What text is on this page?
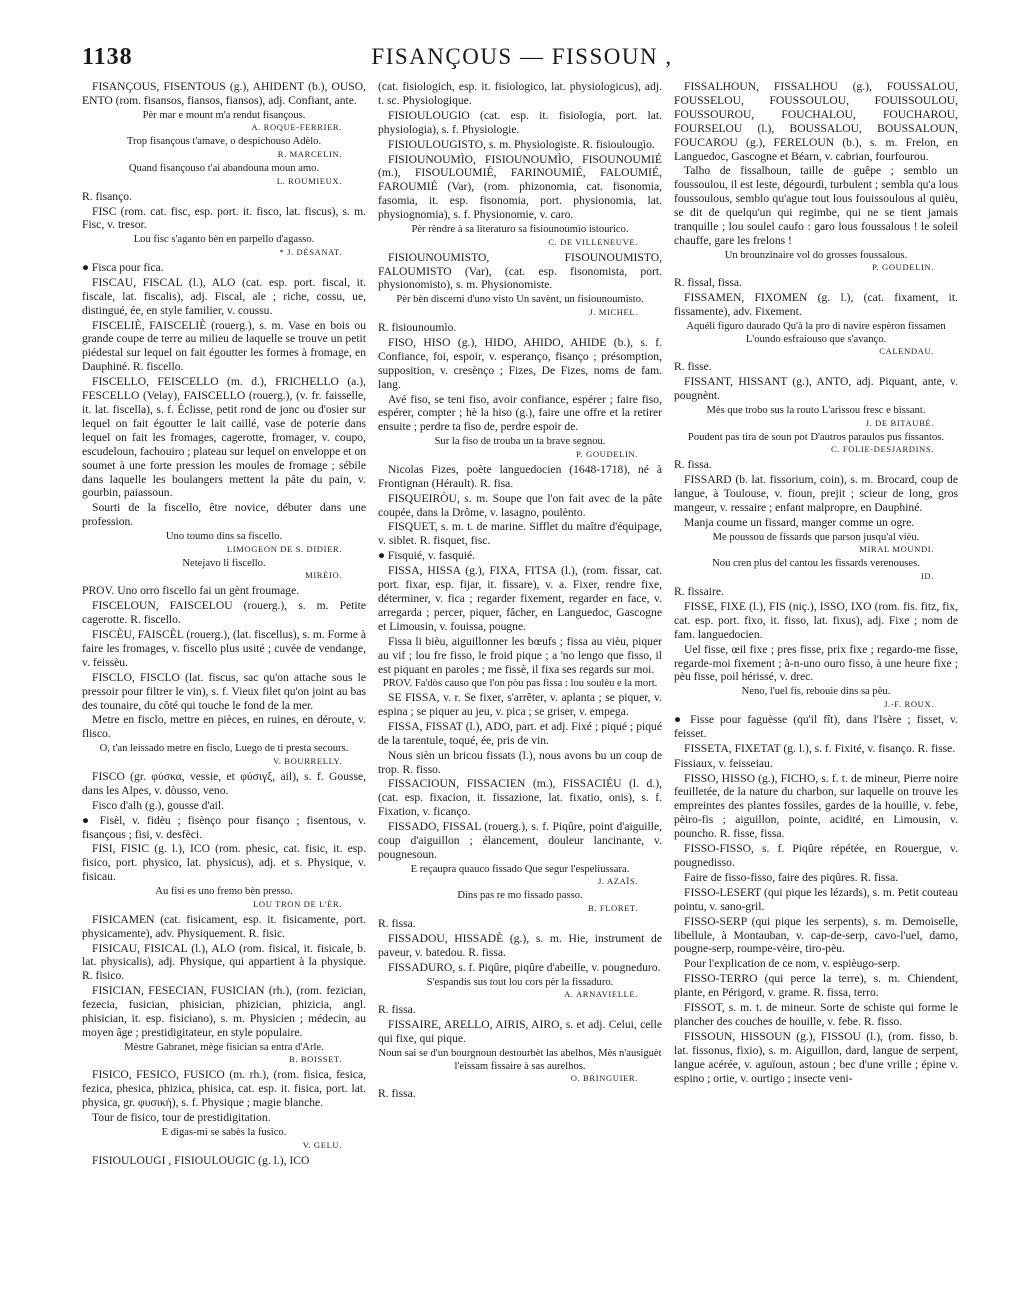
1138	FISANÇOUS — FISSOUN ,

FISANÇOUS, FISENTOUS (g.), AHIDENT (b.), OUSO, ENTO (rom. fisansos, fiansos, fiansos), adj. Confiant, ante.

Pèr mar e mount m'a rendut fisançous.

A. ROQUE-FERRIER.

Trop fisançous t'amave, o despichouso Adèlo.

R. MARCELIN.

Quand fisançouso t'ai abandouna moun amo.

L. ROUMIEUX.

R. fisanço.

FISC (rom. cat. fisc, esp. port. it. fisco, lat. fiscus), s. m. Fisc, v. tresor.

Lou fisc s'aganto bèn en parpello d'agasso.

* J. DÉSANAT.

● Fisca pour fica.

FISCAU, FISCAL (l.), ALO (cat. esp. port. fiscal, it. fiscale, lat. fiscalis), adj. Fiscal, ale ; riche, cossu, ue, distingué, ée, en style familier, v. coussu.

FISCELIÈ, FAISCELIÈ (rouerg.), s. m. Vase en bois ou grande coupe de terre au milieu de laquelle se trouve un petit piédestal sur lequel on fait égoutter les formes à fromage, en Dauphiné. R. fiscello.

FISCELLO, FEISCELLO (m. d.), FRICHELLO (a.), FESCELLO (Velay), FAISCELLO (rouerg.), (v. fr. faisselle, it. lat. fiscella), s. f. Éclisse, petit rond de jonc ou d'osier sur lequel on fait égoutter le lait caillé, vase de poterie dans lequel on fait les fromages, cagerotte, fromager, v. coupo, escudeloun, fachouiro ; plateau sur lequel on enveloppe et on soumet à une forte pression les moules de fromage ; sébile dans laquelle les boulangers mettent la pâte du pain, v. gourbin, paiassoun.

Sourti de la fiscello, être novice, débuter dans une profession.

Uno toumo dins sa fiscello.

LIMOGEON DE S. DIDIER.

Netejavo li fiscello.

MIRÈIO.

PROV. Uno orro fiscello fai un gènt froumage.

FISCELOUN, FAISCELOU (rouerg.), s. m. Petite cagerotte. R. fiscello.

FISCÈU, FAISCÈL (rouerg.), (lat. fiscellus), s. m. Forme à faire les fromages, v. fiscello plus usité ; cuvée de vendange, v. feissèu.

FISCLO, FISCLO (lat. fiscus, sac qu'on attache sous le pressoir pour filtrer le vin), s. f. Vieux filet qu'on joint au bas des tounaire, du côté qui touche le fond de la mer.

Metre en fisclo, mettre en pièces, en ruines, en déroute, v. flisco.

O, t'an leissado metre en fisclo, Luego de ti presta secours.

V. BOURRELLY.

FISCO (gr. φύσκα, vessie, et φύσιγξ, ail), s. f. Gousse, dans les Alpes, v. dòusso, veno.

Fisco d'alh (g.), gousse d'ail.

● Fisèl, v. fidèu ; fisènço pour fisanço ; fisentous, v. fisançous ; fisi, v. desfèci.

FISI, FISIC (g. l.), ICO (rom. phesic, cat. fisic, it. esp. fisico, port. physico, lat. physicus), adj. et s. Physique, v. fisicau.

Au fisi es uno fremo bèn presso.

LOU TRON DE L'ÈR.

FISICAMEN (cat. fisicament, esp. it. fisicamente, port. physicamente), adv. Physiquement. R. fisic.

FISICAU, FISICAL (l.), ALO (rom. fisical, it. fisicale, b. lat. physicalis), adj. Physique, qui appartient à la physique. R. fisico.

FISICIAN, FESECIAN, FUSICIAN (rh.), (rom. fezician, fezecia, fusician, phisician, phizician, phizicia, angl. phisician, it. esp. fisiciano), s. m. Physicien ; médecin, au moyen âge ; prestidigitateur, en style populaire.

Mèstre Gabranet, mège fisician sa entra d'Arle.

B. BOISSET.

FISICO, FESICO, FUSICO (m. rh.), (rom. fisica, fesica, fezica, phesica, phizica, phisica, cat. esp. it. fisica, port. lat. physica, gr. φυσική), s. f. Physique ; magie blanche.

Tour de fisico, tour de prestidigitation.

E digas-mi se sabès la fusico.

V. GELU.

FISIOULOUGI , FISIOULOUGIC (g. l.), ICO

(cat. fisiologich, esp. it. fisiologico, lat. physiologicus), adj. t. sc. Physiologique.

FISIOULOUGIO (cat. esp. it. fisiologia, port. lat. physiologia), s. f. Physiologie.

FISIOULOUGISTO, s. m. Physiologiste. R. fisioulougìo.

FISIOUNOUMÌO, FISIOUNOUMÌO, FISOUNOUMIÉ (m.), FISOULOUMIÉ, FARINOUMIÉ, FALOUMIÉ, FAROUMIÉ (Var), (rom. phizonomia, cat. fisonomia, fasomia, it. esp. fisonomia, port. physionomia, lat. physiognomia), s. f. Physionomie, v. caro.

Pèr rèndre à sa literaturo sa fisiounoumìo istourico.

C. DE VILLENEUVE.

FISIOUNOUMISTO, FISOUNOUMISTO, FALOUMISTO (Var), (cat. esp. fisonomista, port. physionomisto), s. m. Physionomiste.

Pèr bèn discerni d'uno visto Un savènt, un fisiounoumisto.

J. MICHEL.

R. fisiounoumìo.

FISO, HISO (g.), HIDO, AHIDO, AHIDE (b.), s. f. Confiance, foi, espoir, v. esperanço, fisanço ; présomption, supposition, v. cresènço ; Fizes, De Fizes, noms de fam. lang.

Avé fiso, se teni fiso, avoir confiance, espérer ; faire fiso, espérer, compter ; hè la hiso (g.), faire une offre et la retirer ensuite ; perdre ta fiso de, perdre espoir de.

Sur la fiso de trouba un ta brave segnou.

P. GOUDELIN.

Nicolas Fizes, poète languedocien (1648-1718), né à Frontignan (Hérault). R. fisa.

FISQUEIRÒU, s. m. Soupe que l'on fait avec de la pâte coupée, dans la Drôme, v. lasagno, poulènto.

FISQUET, s. m. t. de marine. Sifflet du maître d'équipage, v. siblet. R. fisquet, fisc.

● Fisquié, v. fasquié.

FISSA, HISSA (g.), FIXA, FITSA (l.), (rom. fissar, cat. port. fixar, esp. fijar, it. fissare), v. a. Fixer, rendre fixe, déterminer, v. fica ; regarder fixement, regarder en face, v. arregarda ; percer, piquer, fâcher, en Languedoc, Gascogne et Limousin, v. fouissa, pougne.

Fissa li bièu, aiguillonner les bœufs ; fissa au vièu, piquer au vif ; lou fre fisso, le froid pique ; a 'no lengo que fisso, il est piquant en paroles ; me fissè, il fixa ses regards sur moi.

PROV. Fa'dòs causo que l'on pòu pas fissa : lou soulèu e la mort.

SE FISSA, v. r. Se fixer, s'arrêter, v. aplanta ; se piquer, v. espina ; se piquer au jeu, v. pica ; se griser, v. empega.

FISSA, FISSAT (l.), ADO, part. et adj. Fixé ; piqué ; piqué de la tarentule, toqué, ée, pris de vin.

Nous sièn un bricou fissats (l.), nous avons bu un coup de trop. R. fisso.

FISSACIOUN, FISSACIEN (m.), FISSACIÉU (l. d.), (cat. esp. fixacion, it. fissazione, lat. fixatio, onis), s. f. Fixation, v. ficanço.

FISSADO, FISSAL (rouerg.), s. f. Piqûre, point d'aiguille, coup d'aiguillon ; élancement, douleur lancinante, v. pougnesoun.

E reçaupra quauco fissado Que segur l'espeliussara.

J. AZAÏS.

Dins pas re mo fissado passo.

B. FLORET.

R. fissa.

FISSADOU, HISSADÈ (g.), s. m. Hie, instrument de paveur, v. batedou. R. fissa.

FISSADURO, s. f. Piqûre, piqûre d'abeille, v. pougneduro.

S'espandis sus tout lou cors pèr la fissaduro.

A. ARNAVIELLE.

R. fissa.

FISSAIRE, ARELLO, AIRIS, AIRO, s. et adj. Celui, celle qui fixe, qui pique.

Noun sai se d'un bourgnoun destourbèt las abelhos, Mès n'ausiguèt l'eissam fissaire à sas aurelhos.

O. BRINGUIER.

R. fissa.

FISSALHOUN, FISSALHOU (g.), FOUSSALOU, FOUSSELOU, FOUSSOULOU, FOUISSOULOU, FOUSSOUROU, FOUCHALOU, FOUCHAROU, FOURSELOU (l.), BOUSSALOU, BOUSSALOUN, FOUCAROU (g.), FERELOUN (b.), s. m. Frelon, en Languedoc, Gascogne et Béarn, v. cabrian, fourfourou.

Talho de fissalhoun, taille de guêpe ; semblo un foussoulou, il est leste, dégourdi, turbulent ; sembla qu'a lous foussoulous, semblo qu'ague tout lous fouissoulous al quièu, se dit de quelqu'un qui regimbe, qui ne se tient jamais tranquille ; lou soulel caufo : garo lous foussalous ! le soleil chauffe, gare les frelons !

Un brounzinaire vol do grosses foussalous.

P. GOUDELIN.

R. fissal, fissa.

FISSAMEN, FIXOMEN (g. l.), (cat. fixament, it. fissamente), adv. Fixement.

Aquéli figuro daurado Qu'à la pro di navire espèron fissamen L'oundo esfraiouso que s'avanço.

CALENDAU.

R. fisse.

FISSANT, HISSANT (g.), ANTO, adj. Piquant, ante, v. pougnènt.

Mès que trobo sus la routo L'arissou fresc e bissant.

J. DE BITAUBÉ.

Poudent pas tira de soun pot D'autros paraulos pus fissantos.

C. FOLIE-DESJARDINS.

R. fissa.

FISSARD (b. lat. fissorium, coin), s. m. Brocard, coup de langue, à Toulouse, v. fioun, prejit ; scieur de long, gros mangeur, v. ressaire ; enfant malpropre, en Dauphiné.

Manja coume un fissard, manger comme un ogre.

Me poussou de fissards que parson jusqu'al vièu.

MIRAL MOUNDI.

Nou cren plus del cantou les fissards verenouses.

ID.

R. fissaire.

FISSE, FIXE (l.), FIS (niç.), ISSO, IXO (rom. fis. fitz, fix, cat. esp. port. fixo, it. fisso, lat. fixus), adj. Fixe ; nom de fam. languedocien.

Uel fisse, œil fixe ; pres fisse, prix fixe ; regardo-me fisse, regarde-moi fixement ; à-n-uno ouro fisso, à une heure fixe ; pèu fisse, poil hérissé, v. drec.

Neno, l'uel fis, rebouie dins sa pèu.

J.-F. ROUX.

● Fisse pour faguèsse (qu'il fît), dans l'Isère ; fisset, v. feisset.

FISSETA, FIXETAT (g. l.), s. f. Fixité, v. fisanço. R. fisse.

Fissiaux, v. feisseiau.

FISSO, HISSO (g.), FICHO, s. f. t. de mineur, Pierre noire feuilletée, de la nature du charbon, sur laquelle on trouve les empreintes des plantes fossiles, gardes de la houille, v. febe, pèiro-fis ; aiguillon, pointe, acidité, en Limousin, v. pouncho. R. fisse, fissa.

FISSO-FISSO, s. f. Piqûre répétée, en Rouergue, v. pougnedisso.

Faire de fisso-fisso, faire des piqûres. R. fissa.

FISSO-LESERT (qui pique les lézards), s. m. Petit couteau pointu, v. sano-gril.

FISSO-SERP (qui pique les serpents), s. m. Demoiselle, libellule, à Montauban, v. cap-de-serp, cavo-l'uel, damo, pougne-serp, roumpe-vèire, tiro-pèu.

Pour l'explication de ce nom, v. espièugo-serp.

FISSO-TERRO (qui perce la terre), s. m. Chiendent, plante, en Périgord, v. grame. R. fissa, terro.

FISSOT, s. m. t. de mineur. Sorte de schiste qui forme le plancher des couches de houille, v. febe. R. fisso.

FISSOUN, HISSOUN (g.), FISSOU (l.), (rom. fisso, b. lat. fissonus, fixio), s. m. Aiguillon, dard, langue de serpent, langue acérée, v. aguïoun, astoun ; bec d'une vrille ; épine v. espino ; ortie, v. ourtigo ; insecte veni-
